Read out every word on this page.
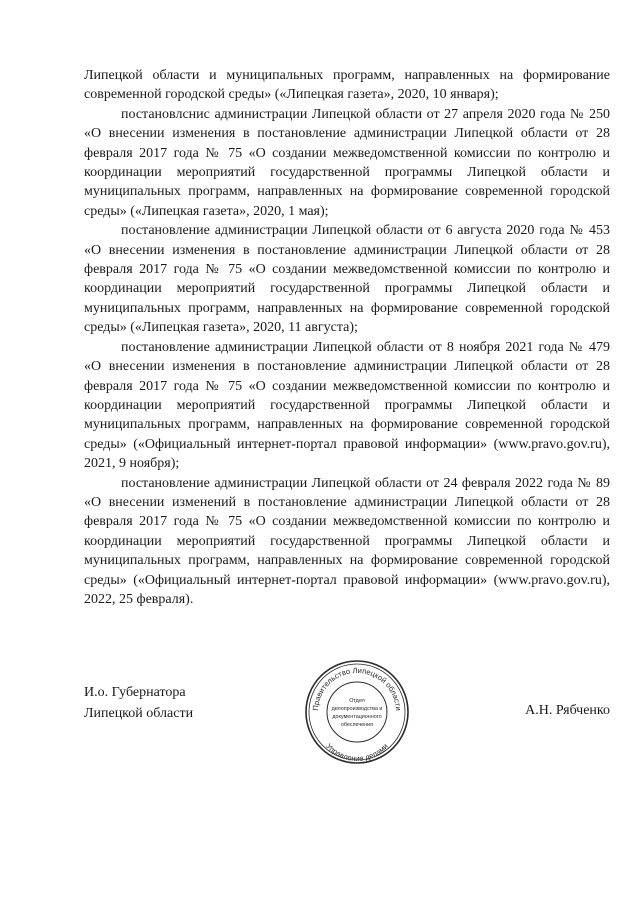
Липецкой области и муниципальных программ, направленных на формирование современной городской среды» («Липецкая газета», 2020, 10 января);

постановлснис администрации Липецкой области от 27 апреля 2020 года № 250 «О внесении изменения в постановление администрации Липецкой области от 28 февраля 2017 года № 75 «О создании межведомственной комиссии по контролю и координации мероприятий государственной программы Липецкой области и муниципальных программ, направленных на формирование современной городской среды» («Липецкая газета», 2020, 1 мая);

постановление администрации Липецкой области от 6 августа 2020 года № 453 «О внесении изменения в постановление администрации Липецкой области от 28 февраля 2017 года № 75 «О создании межведомственной комиссии по контролю и координации мероприятий государственной программы Липецкой области и муниципальных программ, направленных на формирование современной городской среды» («Липецкая газета», 2020, 11 августа);

постановление администрации Липецкой области от 8 ноября 2021 года № 479 «О внесении изменения в постановление администрации Липецкой области от 28 февраля 2017 года № 75 «О создании межведомственной комиссии по контролю и координации мероприятий государственной программы Липецкой области и муниципальных программ, направленных на формирование современной городской среды» («Официальный интернет-портал правовой информации» (www.pravo.gov.ru), 2021, 9 ноября);

постановление администрации Липецкой области от 24 февраля 2022 года № 89 «О внесении изменений в постановление администрации Липецкой области от 28 февраля 2017 года № 75 «О создании межведомственной комиссии по контролю и координации мероприятий государственной программы Липецкой области и муниципальных программ, направленных на формирование современной городской среды» («Официальный интернет-портал правовой информации» (www.pravo.gov.ru), 2022, 25 февраля).

И.о. Губернатора
Липецкой области	Правительство Липецкой области
Управление делами
Отдел
делопроизводства и
документационного
обеспечения
А.Н. Рябченко
